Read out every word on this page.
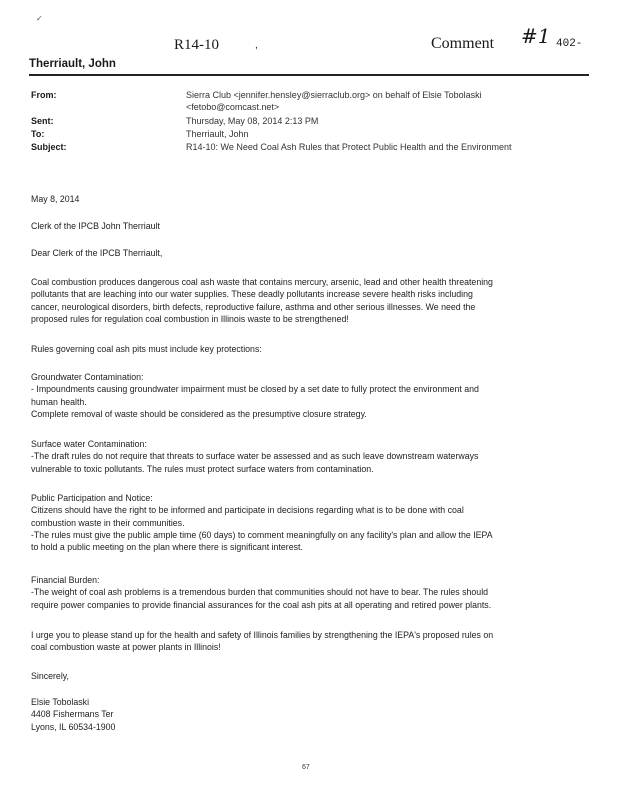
✓
R14-10	,	Comment #1 402-
Therriault, John
From:	Sierra Club <jennifer.hensley@sierraclub.org> on behalf of Elsie Tobolaski
<fetobo@comcast.net>
Sent:	Thursday, May 08, 2014 2:13 PM
To:	Therriault, John
Subject:	R14-10: We Need Coal Ash Rules that Protect Public Health and the Environment
May 8, 2014
Clerk of the IPCB John Therriault
Dear Clerk of the IPCB Therriault,

Coal combustion produces dangerous coal ash waste that contains mercury, arsenic, lead and other health threatening

pollutants that are leaching into our water supplies. These deadly pollutants increase severe health risks including

cancer, neurological disorders, birth defects, reproductive failure, asthma and other serious illnesses. We need the

proposed rules for regulation coal combustion in Illinois waste to be strengthened!

Rules governing coal ash pits must include key protections:

Groundwater Contamination:

- Impoundments causing groundwater impairment must be closed by a set date to fully protect the environment and

human health.

Complete removal of waste should be considered as the presumptive closure strategy.

Surface water Contamination:

-The draft rules do not require that threats to surface water be assessed and as such leave downstream waterways

vulnerable to toxic pollutants. The rules must protect surface waters from contamination.

Public Participation and Notice:

Citizens should have the right to be informed and participate in decisions regarding what is to be done with coal

combustion waste in their communities.

-The rules must give the public ample time (60 days) to comment meaningfully on any facility's plan and allow the IEPA

to hold a public meeting on the plan where there is significant interest.

Financial Burden:

-The weight of coal ash problems is a tremendous burden that communities should not have to bear. The rules should

require power companies to provide financial assurances for the coal ash pits at all operating and retired power plants.

I urge you to please stand up for the health and safety of Illinois families by strengthening the IEPA's proposed rules on

coal combustion waste at power plants in Illinois!

Sincerely,

Elsie Tobolaski

4408 Fishermans Ter

Lyons, IL 60534-1900

67
